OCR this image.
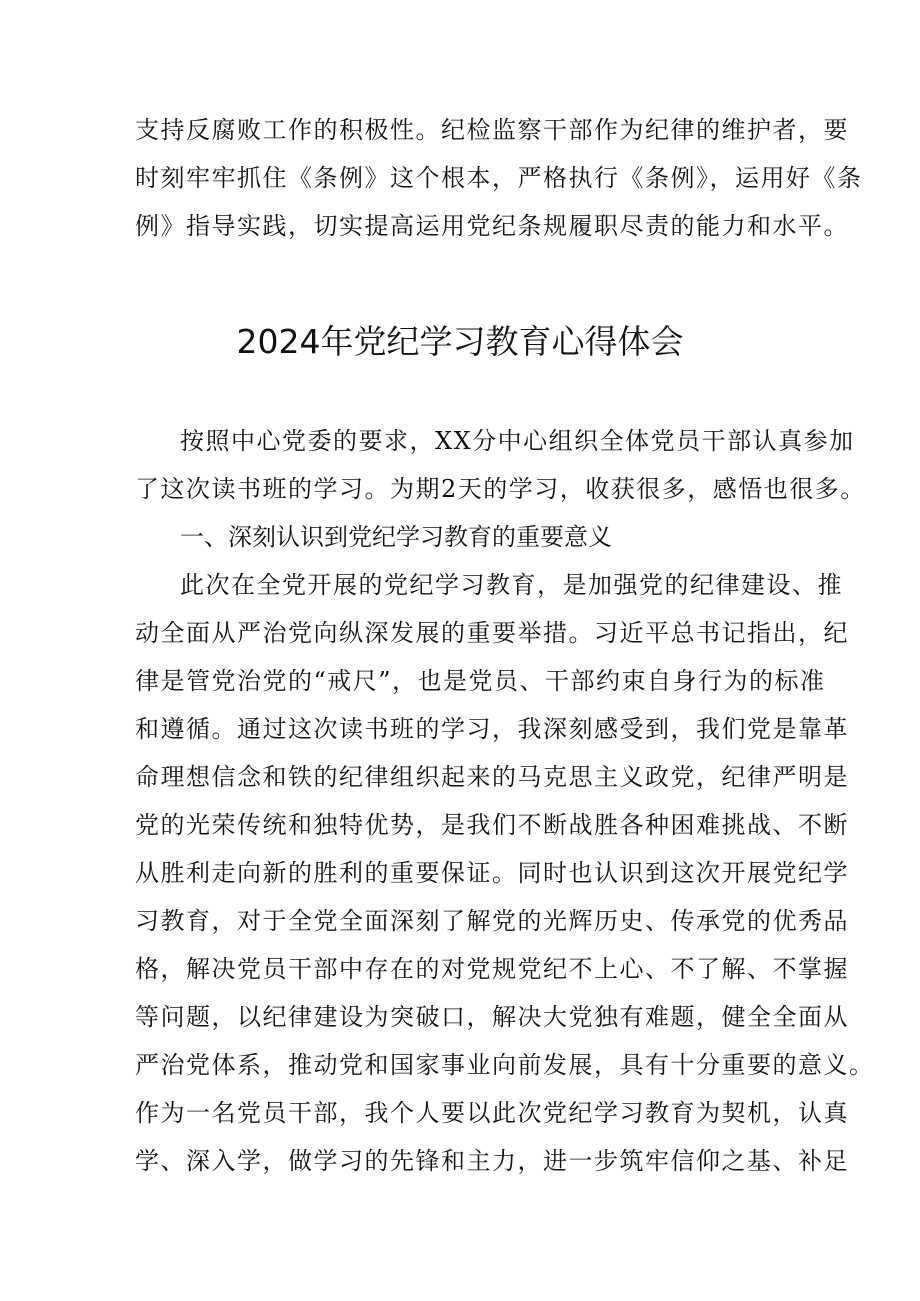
支持反腐败工作的积极性。纪检监察干部作为纪律的维护者，要
时刻牢牢抓住《条例》这个根本，严格执行《条例》，运用好《条
例》指导实践，切实提高运用党纪条规履职尽责的能力和水平。
2024年党纪学习教育心得体会
按照中心党委的要求，XX分中心组织全体党员干部认真参加
了这次读书班的学习。为期2天的学习，收获很多，感悟也很多。
一、深刻认识到党纪学习教育的重要意义
此次在全党开展的党纪学习教育，是加强党的纪律建设、推
动全面从严治党向纵深发展的重要举措。习近平总书记指出，纪
律是管党治党的“戒尺”，也是党员、干部约束自身行为的标准
和遵循。通过这次读书班的学习，我深刻感受到，我们党是靠革
命理想信念和铁的纪律组织起来的马克思主义政党，纪律严明是
党的光荣传统和独特优势，是我们不断战胜各种困难挑战、不断
从胜利走向新的胜利的重要保证。同时也认识到这次开展党纪学
习教育，对于全党全面深刻了解党的光辉历史、传承党的优秀品
格，解决党员干部中存在的对党规党纪不上心、不了解、不掌握
等问题，以纪律建设为突破口，解决大党独有难题，健全全面从
严治党体系，推动党和国家事业向前发展，具有十分重要的意义。
作为一名党员干部，我个人要以此次党纪学习教育为契机，认真
学、深入学，做学习的先锋和主力，进一步筑牢信仰之基、补足
